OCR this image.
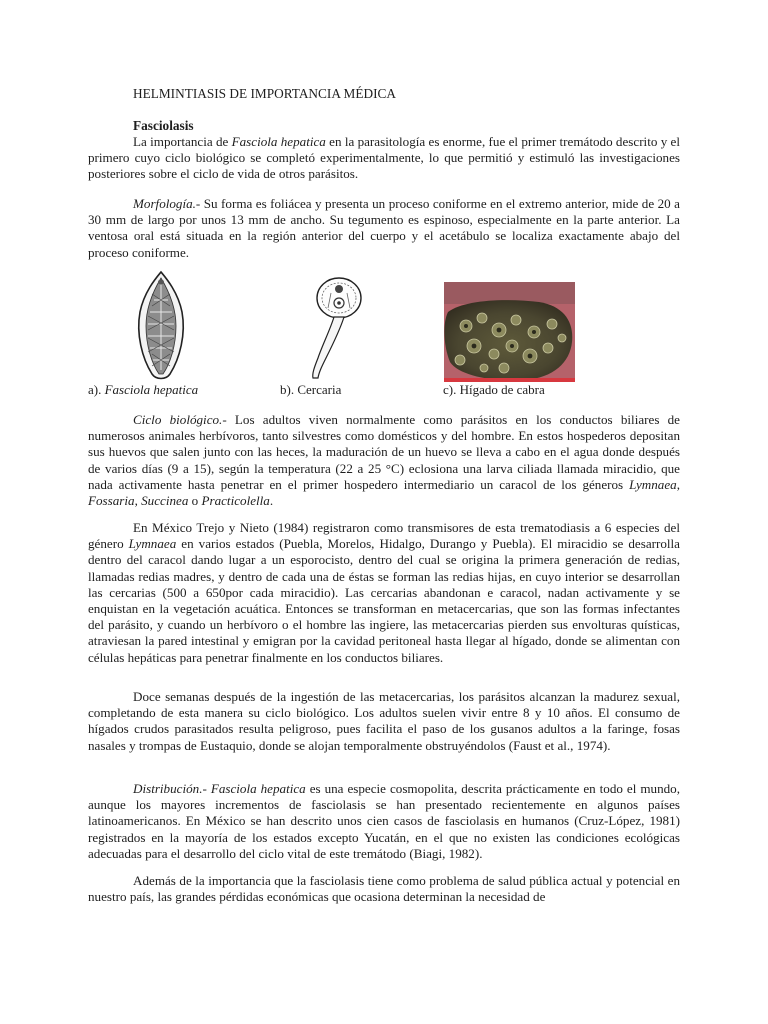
HELMINTIASIS DE IMPORTANCIA MÉDICA
Fasciolasis
La importancia de Fasciola hepatica en la parasitología es enorme, fue el primer tremátodo descrito y el primero cuyo ciclo biológico se completó experimentalmente, lo que permitió y estimuló las investigaciones posteriores sobre el ciclo de vida de otros parásitos.
Morfología.- Su forma es foliácea y presenta un proceso coniforme en el extremo anterior, mide de 20 a 30 mm de largo por unos 13 mm de ancho. Su tegumento es espinoso, especialmente en la parte anterior. La ventosa oral está situada en la región anterior del cuerpo y el acetábulo se localiza exactamente abajo del proceso coniforme.
a). Fasciola hepatica	b). Cercaria	c). Hígado de cabra
Ciclo biológico.- Los adultos viven normalmente como parásitos en los conductos biliares de numerosos animales herbívoros, tanto silvestres como domésticos y del hombre. En estos hospederos depositan sus huevos que salen junto con las heces, la maduración de un huevo se lleva a cabo en el agua donde después de varios días (9 a 15), según la temperatura (22 a 25 °C) eclosiona una larva ciliada llamada miracidio, que nada activamente hasta penetrar en el primer hospedero intermediario un caracol de los géneros Lymnaea, Fossaria, Succinea o Practicolella.
En México Trejo y Nieto (1984) registraron como transmisores de esta trematodiasis a 6 especies del género Lymnaea en varios estados (Puebla, Morelos, Hidalgo, Durango y Puebla). El miracidio se desarrolla dentro del caracol dando lugar a un esporocisto, dentro del cual se origina la primera generación de redias, llamadas redias madres, y dentro de cada una de éstas se forman las redias hijas, en cuyo interior se desarrollan las cercarias (500 a 650por cada miracidio). Las cercarias abandonan e caracol, nadan activamente y se enquistan en la vegetación acuática. Entonces se transforman en metacercarias, que son las formas infectantes del parásito, y cuando un herbívoro o el hombre las ingiere, las metacercarias pierden sus envolturas quísticas, atraviesan la pared intestinal y emigran por la cavidad peritoneal hasta llegar al hígado, donde se alimentan con células hepáticas para penetrar finalmente en los conductos biliares.
Doce semanas después de la ingestión de las metacercarias, los parásitos alcanzan la madurez sexual, completando de esta manera su ciclo biológico. Los adultos suelen vivir entre 8 y 10 años. El consumo de hígados crudos parasitados resulta peligroso, pues facilita el paso de los gusanos adultos a la faringe, fosas nasales y trompas de Eustaquio, donde se alojan temporalmente obstruyéndolos (Faust et al., 1974).
Distribución.- Fasciola hepatica es una especie cosmopolita, descrita prácticamente en todo el mundo, aunque los mayores incrementos de fasciolasis se han presentado recientemente en algunos países latinoamericanos. En México se han descrito unos cien casos de fasciolasis en humanos (Cruz-López, 1981) registrados en la mayoría de los estados excepto Yucatán, en el que no existen las condiciones ecológicas adecuadas para el desarrollo del ciclo vital de este tremátodo (Biagi, 1982).
Además de la importancia que la fasciolasis tiene como problema de salud pública actual y potencial en nuestro país, las grandes pérdidas económicas que ocasiona determinan la necesidad de
